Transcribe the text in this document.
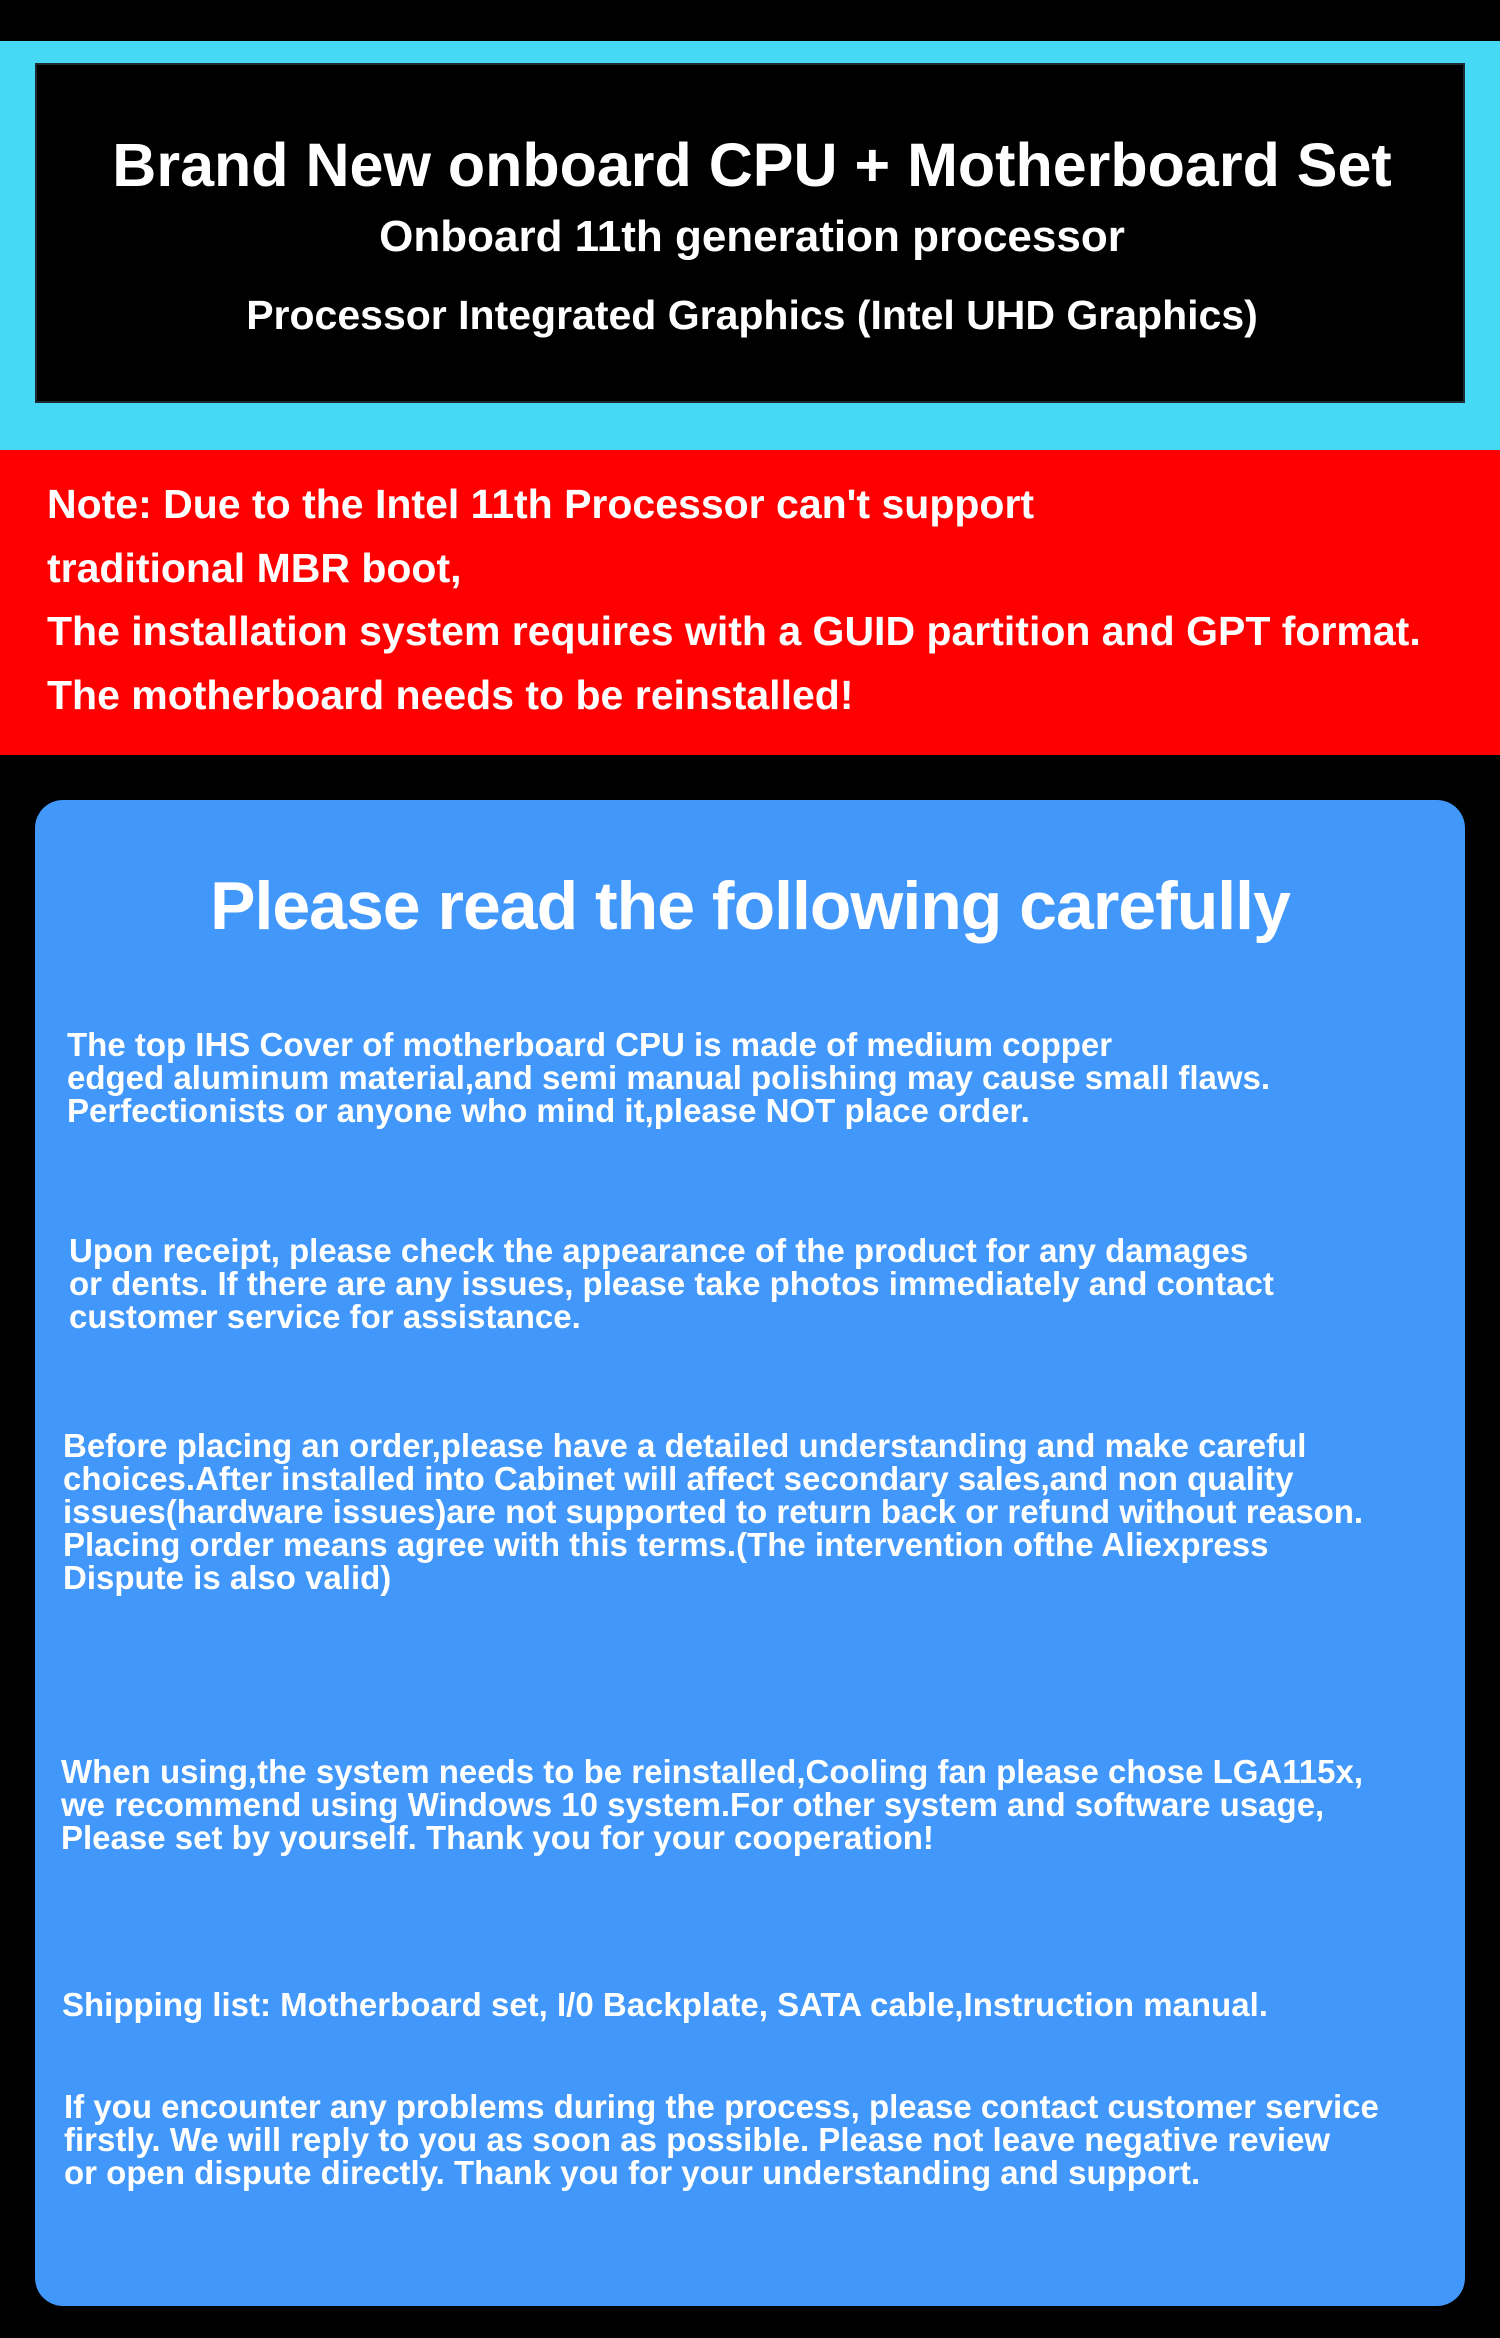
Brand New onboard CPU + Motherboard Set
Onboard 11th generation processor
Processor Integrated Graphics (Intel UHD Graphics)
Note: Due to the Intel 11th Processor can't support
traditional MBR boot,
The installation system requires with a GUID partition and GPT format.
The motherboard needs to be reinstalled!
Please read the following carefully
The top IHS Cover of motherboard CPU is made of medium copper
edged aluminum material,and semi manual polishing may cause small flaws.
Perfectionists or anyone who mind it,please NOT place order.
Upon receipt, please check the appearance of the product for any damages
or dents. If there are any issues, please take photos immediately and contact
customer service for assistance.
Before placing an order,please have a detailed understanding and make careful
choices.After installed into Cabinet will affect secondary sales,and non quality
issues(hardware issues)are not supported to return back or refund without reason.
Placing order means agree with this terms.(The intervention ofthe Aliexpress
Dispute is also valid)
When using,the system needs to be reinstalled,Cooling fan please chose LGA115x,
we recommend using Windows 10 system.For other system and software usage,
Please set by yourself. Thank you for your cooperation!
Shipping list: Motherboard set, I/0 Backplate, SATA cable,Instruction manual.
If you encounter any problems during the process, please contact customer service
firstly. We will reply to you as soon as possible. Please not leave negative review
or open dispute directly. Thank you for your understanding and support.
